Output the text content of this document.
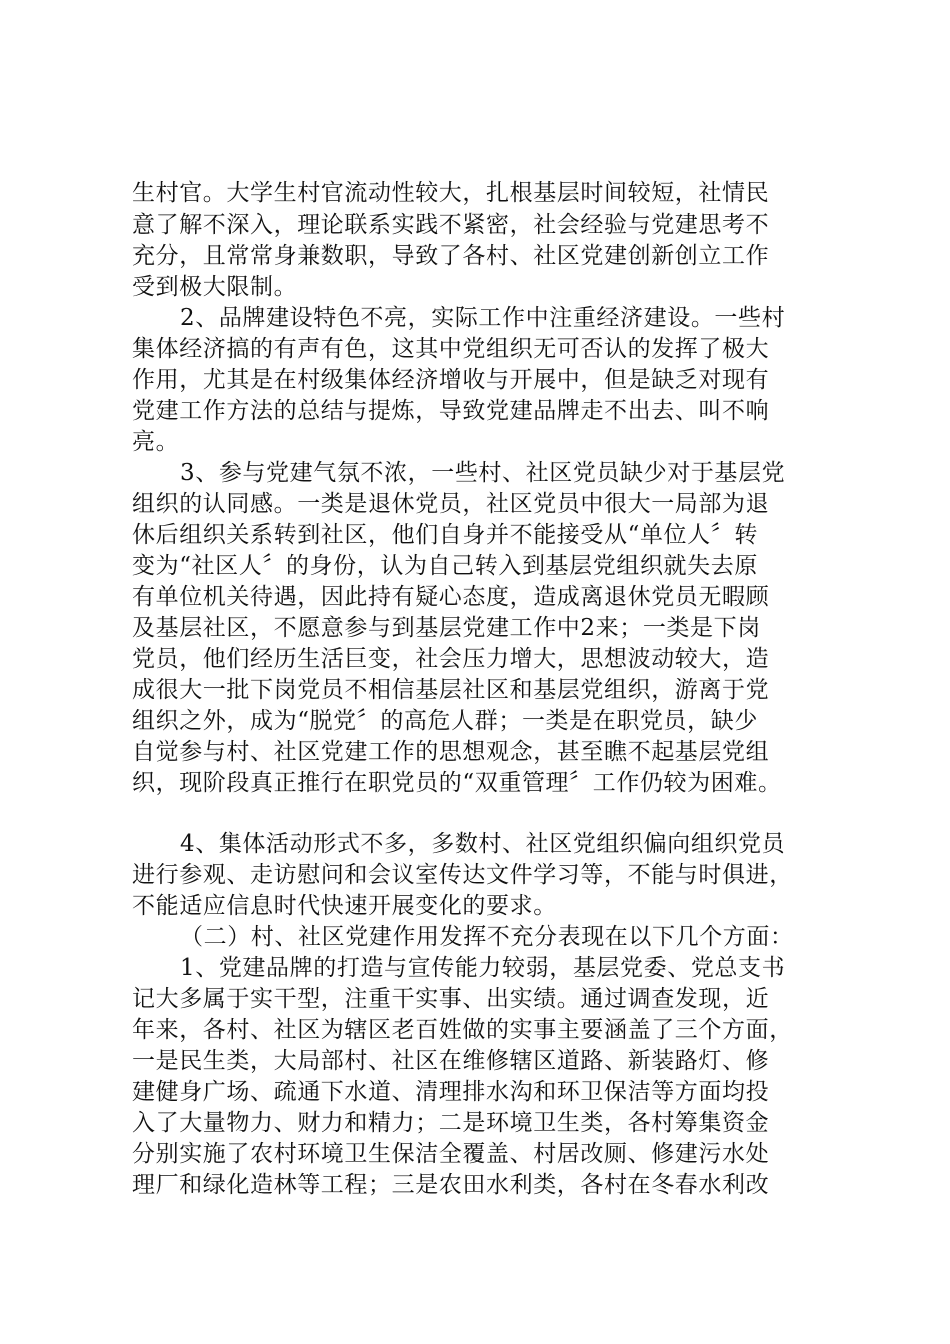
生村官。大学生村官流动性较大，扎根基层时间较短，社情民
意了解不深入，理论联系实践不紧密，社会经验与党建思考不
充分，且常常身兼数职，导致了各村、社区党建创新创立工作
受到极大限制。
2、品牌建设特色不亮，实际工作中注重经济建设。一些村
集体经济搞的有声有色，这其中党组织无可否认的发挥了极大
作用，尤其是在村级集体经济增收与开展中，但是缺乏对现有
党建工作方法的总结与提炼，导致党建品牌走不出去、叫不响
亮。
3、参与党建气氛不浓，一些村、社区党员缺少对于基层党
组织的认同感。一类是退休党员，社区党员中很大一局部为退
休后组织关系转到社区，他们自身并不能接受从“单位人〞转
变为“社区人〞的身份，认为自己转入到基层党组织就失去原
有单位机关待遇，因此持有疑心态度，造成离退休党员无暇顾
及基层社区，不愿意参与到基层党建工作中2来；一类是下岗
党员，他们经历生活巨变，社会压力增大，思想波动较大，造
成很大一批下岗党员不相信基层社区和基层党组织，游离于党
组织之外，成为“脱党〞的高危人群；一类是在职党员，缺少
自觉参与村、社区党建工作的思想观念，甚至瞧不起基层党组
织，现阶段真正推行在职党员的“双重管理〞工作仍较为困难。
4、集体活动形式不多，多数村、社区党组织偏向组织党员
进行参观、走访慰问和会议室传达文件学习等，不能与时俱进，
不能适应信息时代快速开展变化的要求。
（二）村、社区党建作用发挥不充分表现在以下几个方面：
1、党建品牌的打造与宣传能力较弱，基层党委、党总支书
记大多属于实干型，注重干实事、出实绩。通过调查发现，近
年来，各村、社区为辖区老百姓做的实事主要涵盖了三个方面，
一是民生类，大局部村、社区在维修辖区道路、新装路灯、修
建健身广场、疏通下水道、清理排水沟和环卫保洁等方面均投
入了大量物力、财力和精力；二是环境卫生类，各村筹集资金
分别实施了农村环境卫生保洁全覆盖、村居改厕、修建污水处
理厂和绿化造林等工程；三是农田水利类，各村在冬春水利改
